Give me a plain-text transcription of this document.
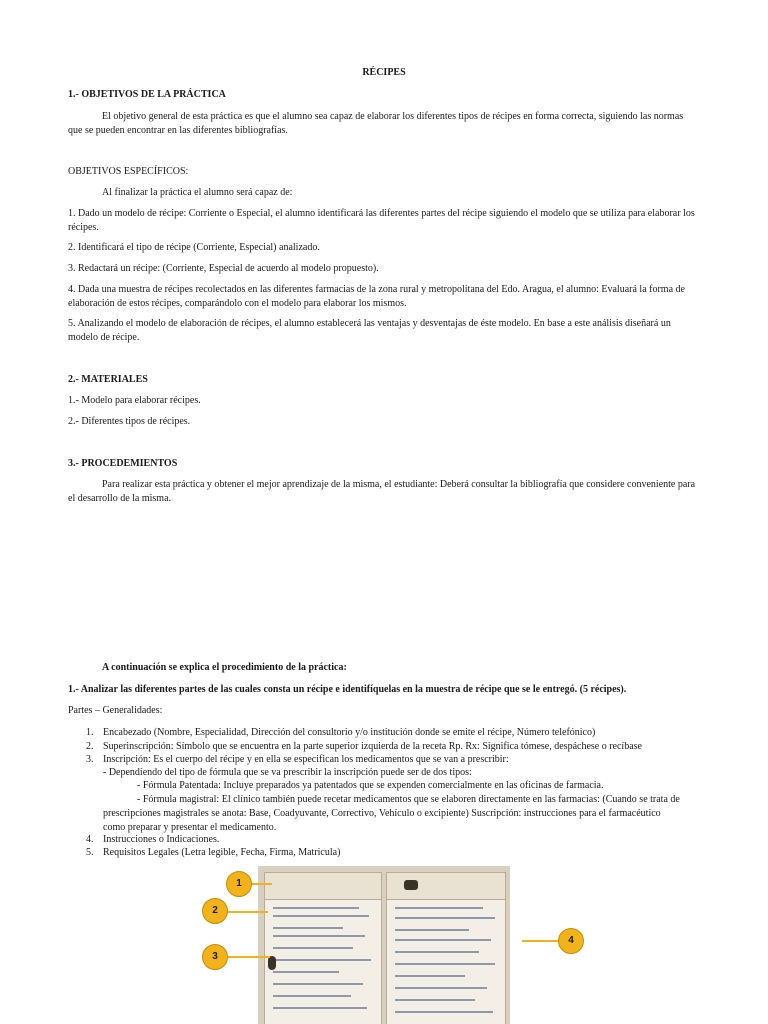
RÉCIPES
1.- OBJETIVOS DE LA PRÁCTICA
El objetivo general de esta práctica es que el alumno sea capaz de elaborar los diferentes tipos de récipes en forma correcta, siguiendo las normas que se pueden encontrar en las diferentes bibliografías.
OBJETIVOS ESPECÍFICOS:
Al finalizar la práctica el alumno será capaz de:
1. Dado un modelo de récipe: Corriente o Especial, el alumno identificará las diferentes partes del récipe siguiendo el modelo que se utiliza para elaborar los récipes.
2. Identificará el tipo de récipe (Corriente, Especial) analizado.
3. Redactará un récipe: (Corriente, Especial de acuerdo al modelo propuesto).
4. Dada una muestra de récipes recolectados en las diferentes farmacias de la zona rural y metropolitana del Edo. Aragua, el alumno: Evaluará la forma de elaboración de estos récipes, comparándolo con el modelo para elaborar los mismos.
5. Analizando el modelo de elaboración de récipes, el alumno establecerá las ventajas y desventajas de éste modelo. En base a este análisis diseñará un modelo de récipe.
2.- MATERIALES
1.- Modelo para elaborar récipes.
2.- Diferentes tipos de récipes.
3.- PROCEDEMIENTOS
Para realizar esta práctica y obtener el mejor aprendizaje de la misma, el estudiante: Deberá consultar la bibliografía que considere conveniente para el desarrollo de la misma.
A continuación se explica el procedimiento de la práctica:
1.- Analizar las diferentes partes de las cuales consta un récipe e identifíquelas en la muestra de récipe que se le entregó. (5 récipes).
Partes – Generalidades:
1. Encabezado (Nombre, Especialidad, Dirección del consultorio y/o institución donde se emite el récipe, Número telefónico)
2. Superinscripción: Símbolo que se encuentra en la parte superior izquierda de la receta Rp. Rx: Significa tómese, despáchese o recíbase
3. Inscripción: Es el cuerpo del récipe y en ella se especifican los medicamentos que se van a prescribir:
- Dependiendo del tipo de fórmula que se va prescribir la inscripción puede ser de dos tipos:
- Fórmula Patentada: Incluye preparados ya patentados que se expenden comercialmente en las oficinas de farmacia.
- Fórmula magistral: El clínico también puede recetar medicamentos que se elaboren directamente en las farmacias: (Cuando se trata de prescripciones magistrales se anota: Base, Coadyuvante, Correctivo, Vehículo o excipiente) Suscripción: instrucciones para el farmacéutico como preparar y presentar el medicamento.
4. Instrucciones o Indicaciones.
5. Requisitos Legales (Letra legible, Fecha, Firma, Matricula)
1
2
3
4
